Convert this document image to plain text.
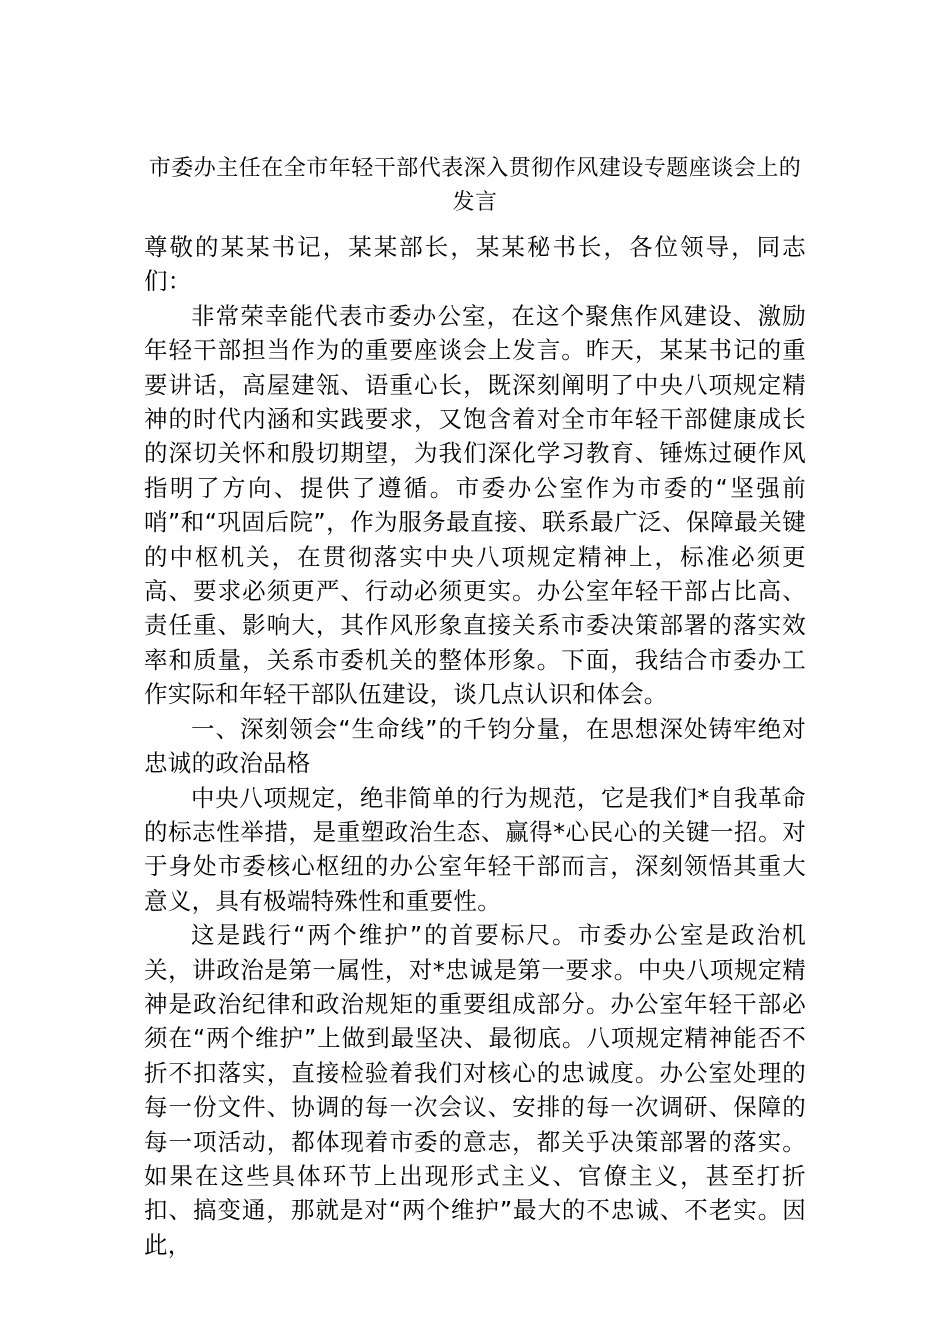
市委办主任在全市年轻干部代表深入贯彻作风建设专题座谈会上的发言

尊敬的某某书记，某某部长，某某秘书长，各位领导，同志们：

非常荣幸能代表市委办公室，在这个聚焦作风建设、激励年轻干部担当作为的重要座谈会上发言。昨天，某某书记的重要讲话，高屋建瓴、语重心长，既深刻阐明了中央八项规定精神的时代内涵和实践要求，又饱含着对全市年轻干部健康成长的深切关怀和殷切期望，为我们深化学习教育、锤炼过硬作风指明了方向、提供了遵循。市委办公室作为市委的“坚强前哨”和“巩固后院”，作为服务最直接、联系最广泛、保障最关键的中枢机关，在贯彻落实中央八项规定精神上，标准必须更高、要求必须更严、行动必须更实。办公室年轻干部占比高、责任重、影响大，其作风形象直接关系市委决策部署的落实效率和质量，关系市委机关的整体形象。下面，我结合市委办工作实际和年轻干部队伍建设，谈几点认识和体会。

一、深刻领会“生命线”的千钧分量，在思想深处铸牢绝对忠诚的政治品格

中央八项规定，绝非简单的行为规范，它是我们*自我革命的标志性举措，是重塑政治生态、赢得*心民心的关键一招。对于身处市委核心枢纽的办公室年轻干部而言，深刻领悟其重大意义，具有极端特殊性和重要性。

这是践行“两个维护”的首要标尺。市委办公室是政治机关，讲政治是第一属性，对*忠诚是第一要求。中央八项规定精神是政治纪律和政治规矩的重要组成部分。办公室年轻干部必须在“两个维护”上做到最坚决、最彻底。八项规定精神能否不折不扣落实，直接检验着我们对核心的忠诚度。办公室处理的每一份文件、协调的每一次会议、安排的每一次调研、保障的每一项活动，都体现着市委的意志，都关乎决策部署的落实。如果在这些具体环节上出现形式主义、官僚主义，甚至打折扣、搞变通，那就是对“两个维护”最大的不忠诚、不老实。因此，
